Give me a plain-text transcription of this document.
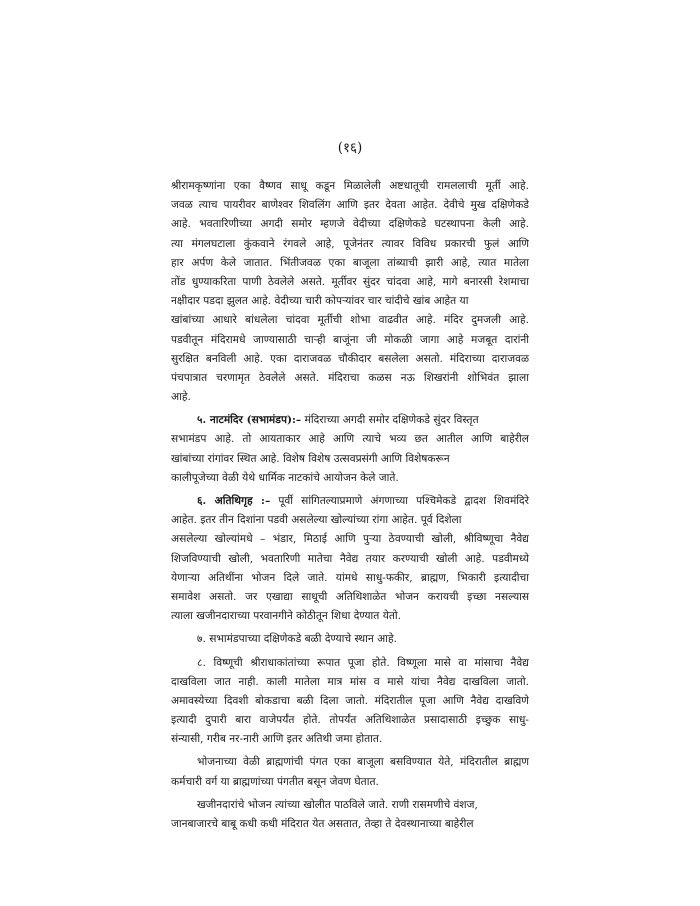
(१६)
श्रीरामकृष्णांना एका वैष्णव साधू कडून मिळालेली अष्टधातूची रामललाची मूर्ती आहे.
जवळ त्याच पायरीवर बाणेश्वर शिवलिंग आणि इतर देवता आहेत. देवीचे मुख दक्षिणेकडे
आहे. भवतारिणीच्या अगदी समोर म्हणजे वेदीच्या दक्षिणेकडे घटस्थापना केली आहे.
त्या मंगलघटाला कुंकवाने रंगवले आहे, पूजेनंतर त्यावर विविध प्रकारची फुलं आणि
हार अर्पण केले जातात. भिंतीजवळ एका बाजूला तांब्याची झारी आहे, त्यात मातेला
तोंड धुण्याकरिता पाणी ठेवलेले असते. मूर्तीवर सुंदर चांदवा आहे, मागे बनारसी रेशमाचा
नक्षीदार पडदा झुलत आहे. वेदीच्या चारी कोपऱ्यांवर चार चांदीचे खांब आहेत या
खांबांच्या आधारे बांधलेला चांदवा मूर्तीची शोभा वाढवीत आहे. मंदिर दुमजली आहे.
पडवीतून मंदिरामधे जाण्यासाठी चाऱ्ही बाजूंना जी मोकळी जागा आहे मजबूत दारांनी
सुरक्षित बनविली आहे. एका दाराजवळ चौकीदार बसलेला असतो. मंदिराच्या दाराजवळ
पंचपात्रात चरणामृत ठेवलेले असते. मंदिराचा कळस नऊ शिखरांनी शोभिवंत झाला
आहे.
५. नाटमंदिर (सभामंडप):– मंदिराच्या अगदी समोर दक्षिणेकडे सुंदर विस्तृत
सभामंडप आहे. तो आयताकार आहे आणि त्याचे भव्य छत आतील आणि बाहेरील
खांबांच्या रांगांवर स्थित आहे. विशेष विशेष उत्सवप्रसंगी आणि विशेषकरून
कालीपूजेच्या वेळी येथे धार्मिक नाटकांचे आयोजन केले जाते.
६. अतिथिगृह :– पूर्वी सांगितल्याप्रमाणे अंगणाच्या पश्चिमेकडे द्वादश शिवमंदिरे
आहेत. इतर तीन दिशांना पडवी असलेल्या खोल्यांच्या रांगा आहेत. पूर्व दिशेला
असलेल्या खोल्यांमधे – भंडार, मिठाई आणि पुऱ्या ठेवण्याची खोली, श्रीविष्णूचा नैवेद्य
शिजविण्याची खोली, भवतारिणी मातेचा नैवेद्य तयार करण्याची खोली आहे. पडवीमध्ये
येणाऱ्या अतिथींना भोजन दिले जाते. यांमधे साधु-फकीर, ब्राह्मण, भिकारी इत्यादीचा
समावेश असतो. जर एखाद्या साधूची अतिथिशाळेत भोजन करायची इच्छा नसल्यास
त्याला खजीनदाराच्या परवानगीने कोठीतून शिधा देण्यात येतो.
७. सभामंडपाच्या दक्षिणेकडे बळी देण्याचे स्थान आहे.
८. विष्णूची श्रीराधाकांतांच्या रूपात पूजा होते. विष्णूला मासे वा मांसाचा नैवेद्य
दाखविला जात नाही. काली मातेला मात्र मांस व मासे यांचा नैवेद्य दाखविला जातो.
अमावस्येच्या दिवशी बोकडाचा बळी दिला जातो. मंदिरातील पूजा आणि नैवेद्य दाखविणे
इत्यादी दुपारी बारा वाजेपर्यंत होते. तोपर्यंत अतिथिशाळेत प्रसादासाठी इच्छुक साधु-
संन्यासी, गरीब नर-नारी आणि इतर अतिथी जमा होतात.
भोजनाच्या वेळी ब्राह्मणांची पंगत एका बाजूला बसविण्यात येते, मंदिरातील ब्राह्मण
कर्मचारी वर्ग या ब्राह्मणांच्या पंगतीत बसून जेवण घेतात.
खजीनदारांचे भोजन त्यांच्या खोलीत पाठविले जाते. राणी रासमणीचे वंशज,
जानबाजारचे बाबू कधी कधी मंदिरात येत असतात, तेव्हा ते देवस्थानाच्या बाहेरील
